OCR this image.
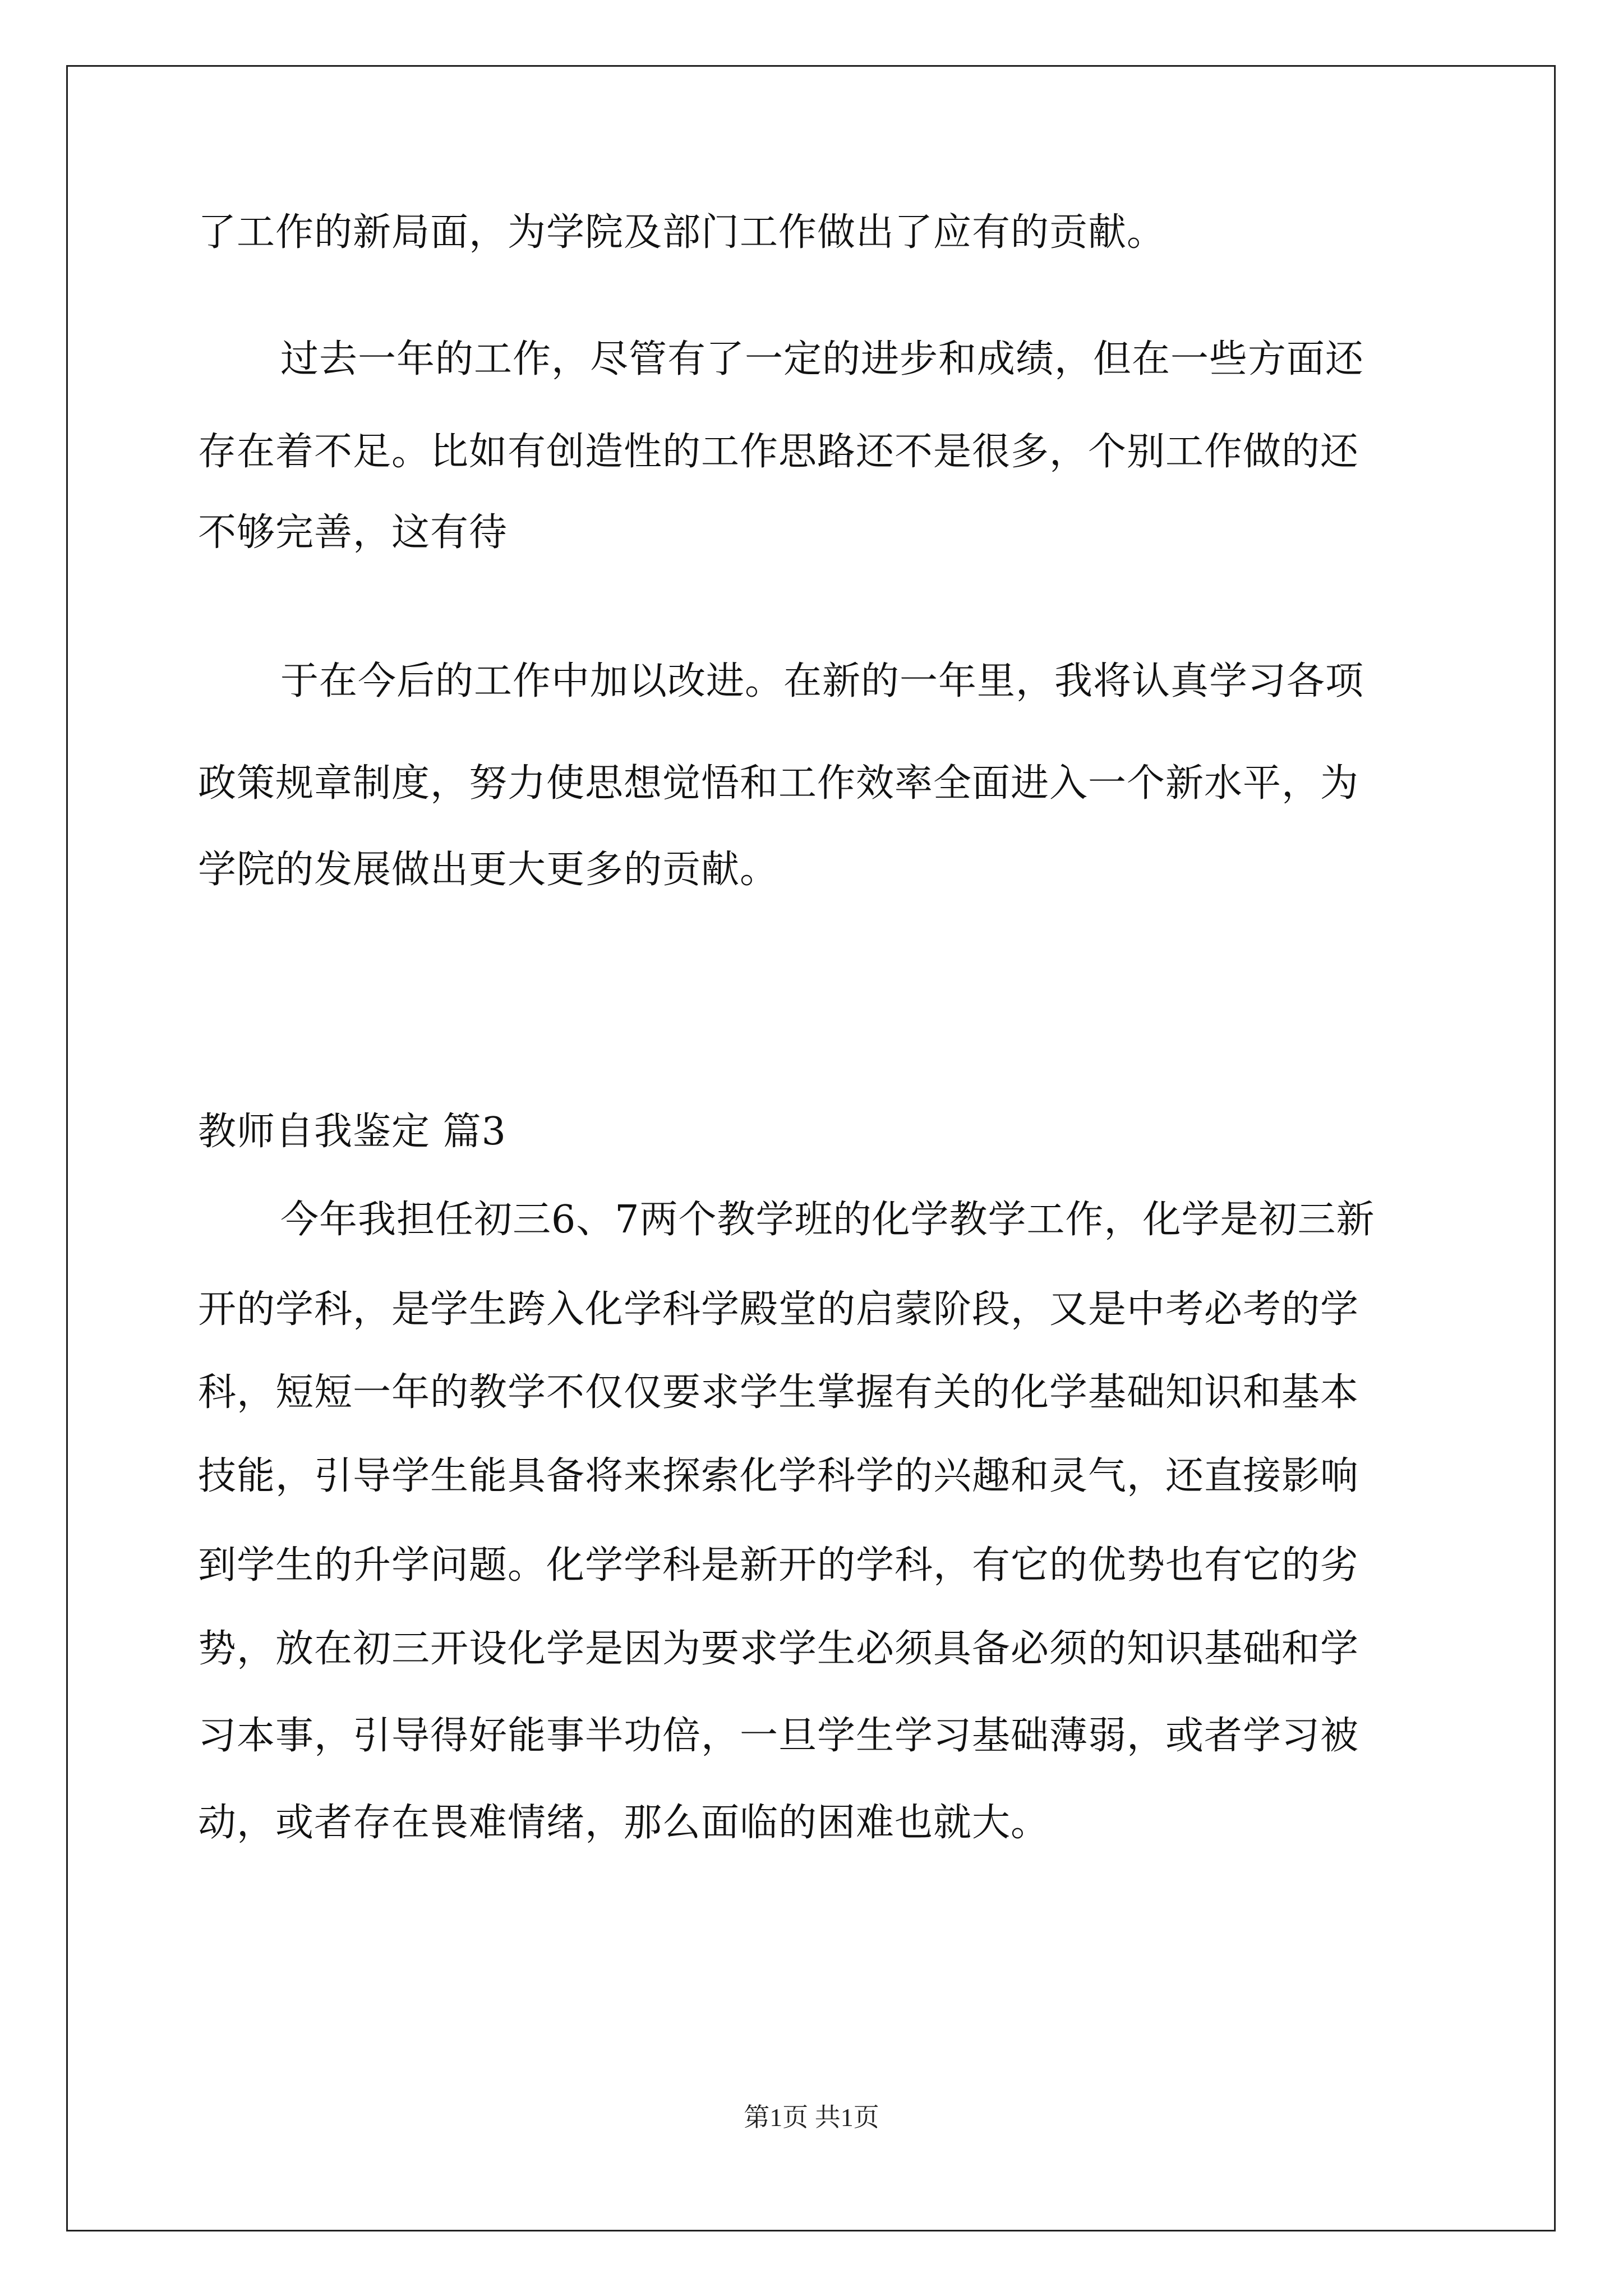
了工作的新局面，为学院及部门工作做出了应有的贡献。
过去一年的工作，尽管有了一定的进步和成绩，但在一些方面还
存在着不足。比如有创造性的工作思路还不是很多，个别工作做的还
不够完善，这有待
于在今后的工作中加以改进。在新的一年里，我将认真学习各项
政策规章制度，努力使思想觉悟和工作效率全面进入一个新水平，为
学院的发展做出更大更多的贡献。
教师自我鉴定 篇3
今年我担任初三6、7两个教学班的化学教学工作，化学是初三新
开的学科，是学生跨入化学科学殿堂的启蒙阶段，又是中考必考的学
科，短短一年的教学不仅仅要求学生掌握有关的化学基础知识和基本
技能，引导学生能具备将来探索化学科学的兴趣和灵气，还直接影响
到学生的升学问题。化学学科是新开的学科，有它的优势也有它的劣
势，放在初三开设化学是因为要求学生必须具备必须的知识基础和学
习本事，引导得好能事半功倍，一旦学生学习基础薄弱，或者学习被
动，或者存在畏难情绪，那么面临的困难也就大。
第1页 共1页
